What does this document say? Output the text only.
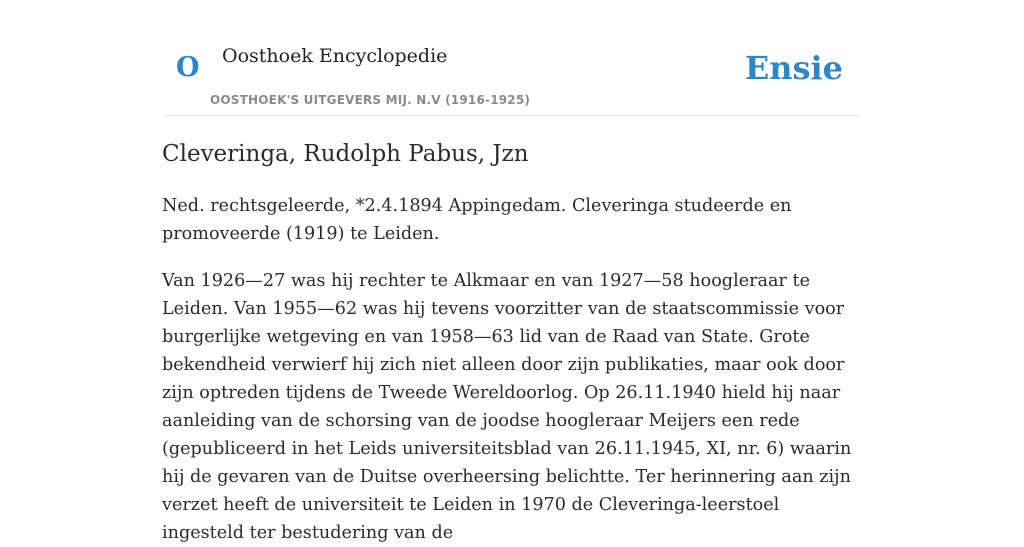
O Oosthoek Encyclopedie
OOSTHOEK'S UITGEVERS MIJ. N.V (1916-1925)
Ensie
Cleveringa, Rudolph Pabus, Jzn

Ned. rechtsgeleerde, *2.4.1894 Appingedam. Cleveringa studeerde en promoveerde (1919) te Leiden.

Van 1926—27 was hij rechter te Alkmaar en van 1927—58 hoogleraar te Leiden. Van 1955—62 was hij tevens voorzitter van de staatscommissie voor burgerlijke wetgeving en van 1958—63 lid van de Raad van State. Grote bekendheid verwierf hij zich niet alleen door zijn publikaties, maar ook door zijn optreden tijdens de Tweede Wereldoorlog. Op 26.11.1940 hield hij naar aanleiding van de schorsing van de joodse hoogleraar Meijers een rede (gepubliceerd in het Leids universiteitsblad van 26.11.1945, XI, nr. 6) waarin hij de gevaren van de Duitse overheersing belichtte. Ter herinnering aan zijn verzet heeft de universiteit te Leiden in 1970 de Cleveringa-leerstoel ingesteld ter bestudering van de
